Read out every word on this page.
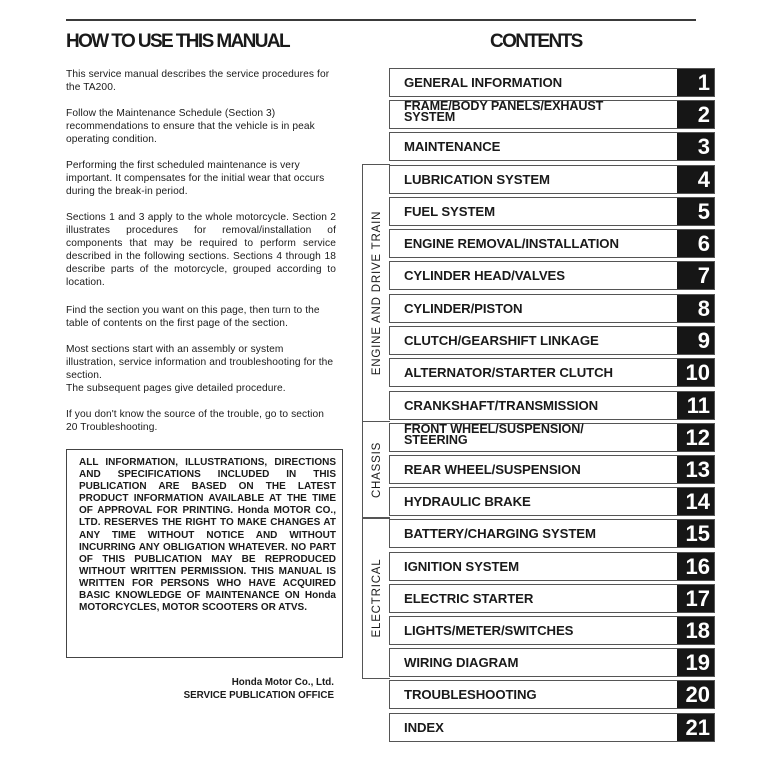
HOW TO USE THIS MANUAL	CONTENTS

This service manual describes the service procedures for the TA200.

Follow the Maintenance Schedule (Section 3) recommendations to ensure that the vehicle is in peak operating condition.

Performing the first scheduled maintenance is very important. It compensates for the initial wear that occurs during the break-in period.

Sections 1 and 3 apply to the whole motorcycle. Section 2 illustrates procedures for removal/installation of components that may be required to perform service described in the following sections. Sections 4 through 18 describe parts of the motorcycle, grouped according to location.

Find the section you want on this page, then turn to the table of contents on the first page of the section.

Most sections start with an assembly or system illustration, service information and troubleshooting for the section.
The subsequent pages give detailed procedure.

If you don't know the source of the trouble, go to section 20 Troubleshooting.

ALL INFORMATION, ILLUSTRATIONS, DIRECTIONS AND SPECIFICATIONS INCLUDED IN THIS PUBLICATION ARE BASED ON THE LATEST PRODUCT INFORMATION AVAILABLE AT THE TIME OF APPROVAL FOR PRINTING. Honda MOTOR CO., LTD. RESERVES THE RIGHT TO MAKE CHANGES AT ANY TIME WITHOUT NOTICE AND WITHOUT INCURRING ANY OBLIGATION WHATEVER. NO PART OF THIS PUBLICATION MAY BE REPRODUCED WITHOUT WRITTEN PERMISSION. THIS MANUAL IS WRITTEN FOR PERSONS WHO HAVE ACQUIRED BASIC KNOWLEDGE OF MAINTENANCE ON Honda MOTORCYCLES, MOTOR SCOOTERS OR ATVS.
Honda Motor Co., Ltd.
SERVICE PUBLICATION OFFICE
ENGINE AND DRIVE TRAIN
CHASSIS
ELECTRICAL
GENERAL INFORMATION	1
FRAME/BODY PANELS/EXHAUST
SYSTEM	2
MAINTENANCE	3
LUBRICATION SYSTEM	4
FUEL SYSTEM	5
ENGINE REMOVAL/INSTALLATION	6
CYLINDER HEAD/VALVES	7
CYLINDER/PISTON	8
CLUTCH/GEARSHIFT LINKAGE	9
ALTERNATOR/STARTER CLUTCH	10
CRANKSHAFT/TRANSMISSION	11
FRONT WHEEL/SUSPENSION/
STEERING	12
REAR WHEEL/SUSPENSION	13
HYDRAULIC BRAKE	14
BATTERY/CHARGING SYSTEM	15
IGNITION SYSTEM	16
ELECTRIC STARTER	17
LIGHTS/METER/SWITCHES	18
WIRING DIAGRAM	19
TROUBLESHOOTING	20
INDEX	21
